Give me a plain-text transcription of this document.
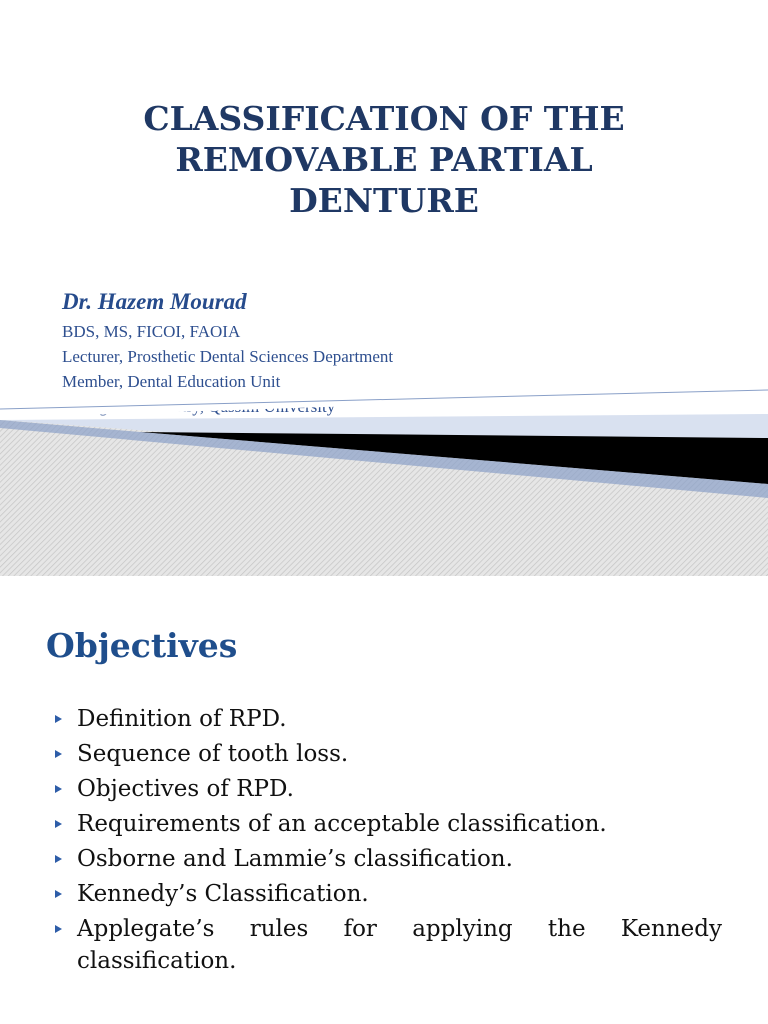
CLASSIFICATION OF THE
REMOVABLE PARTIAL
DENTURE

Dr. Hazem Mourad

BDS, MS, FICOI, FAOIA

Lecturer, Prosthetic Dental Sciences Department

Member, Dental Education Unit

Objectives
Definition of RPD.
Sequence of tooth loss.
Objectives of RPD.
Requirements of an acceptable classification.
Osborne and Lammie’s classification.
Kennedy’s Classification.
Applegate’s rules for applying the Kennedy classification.
